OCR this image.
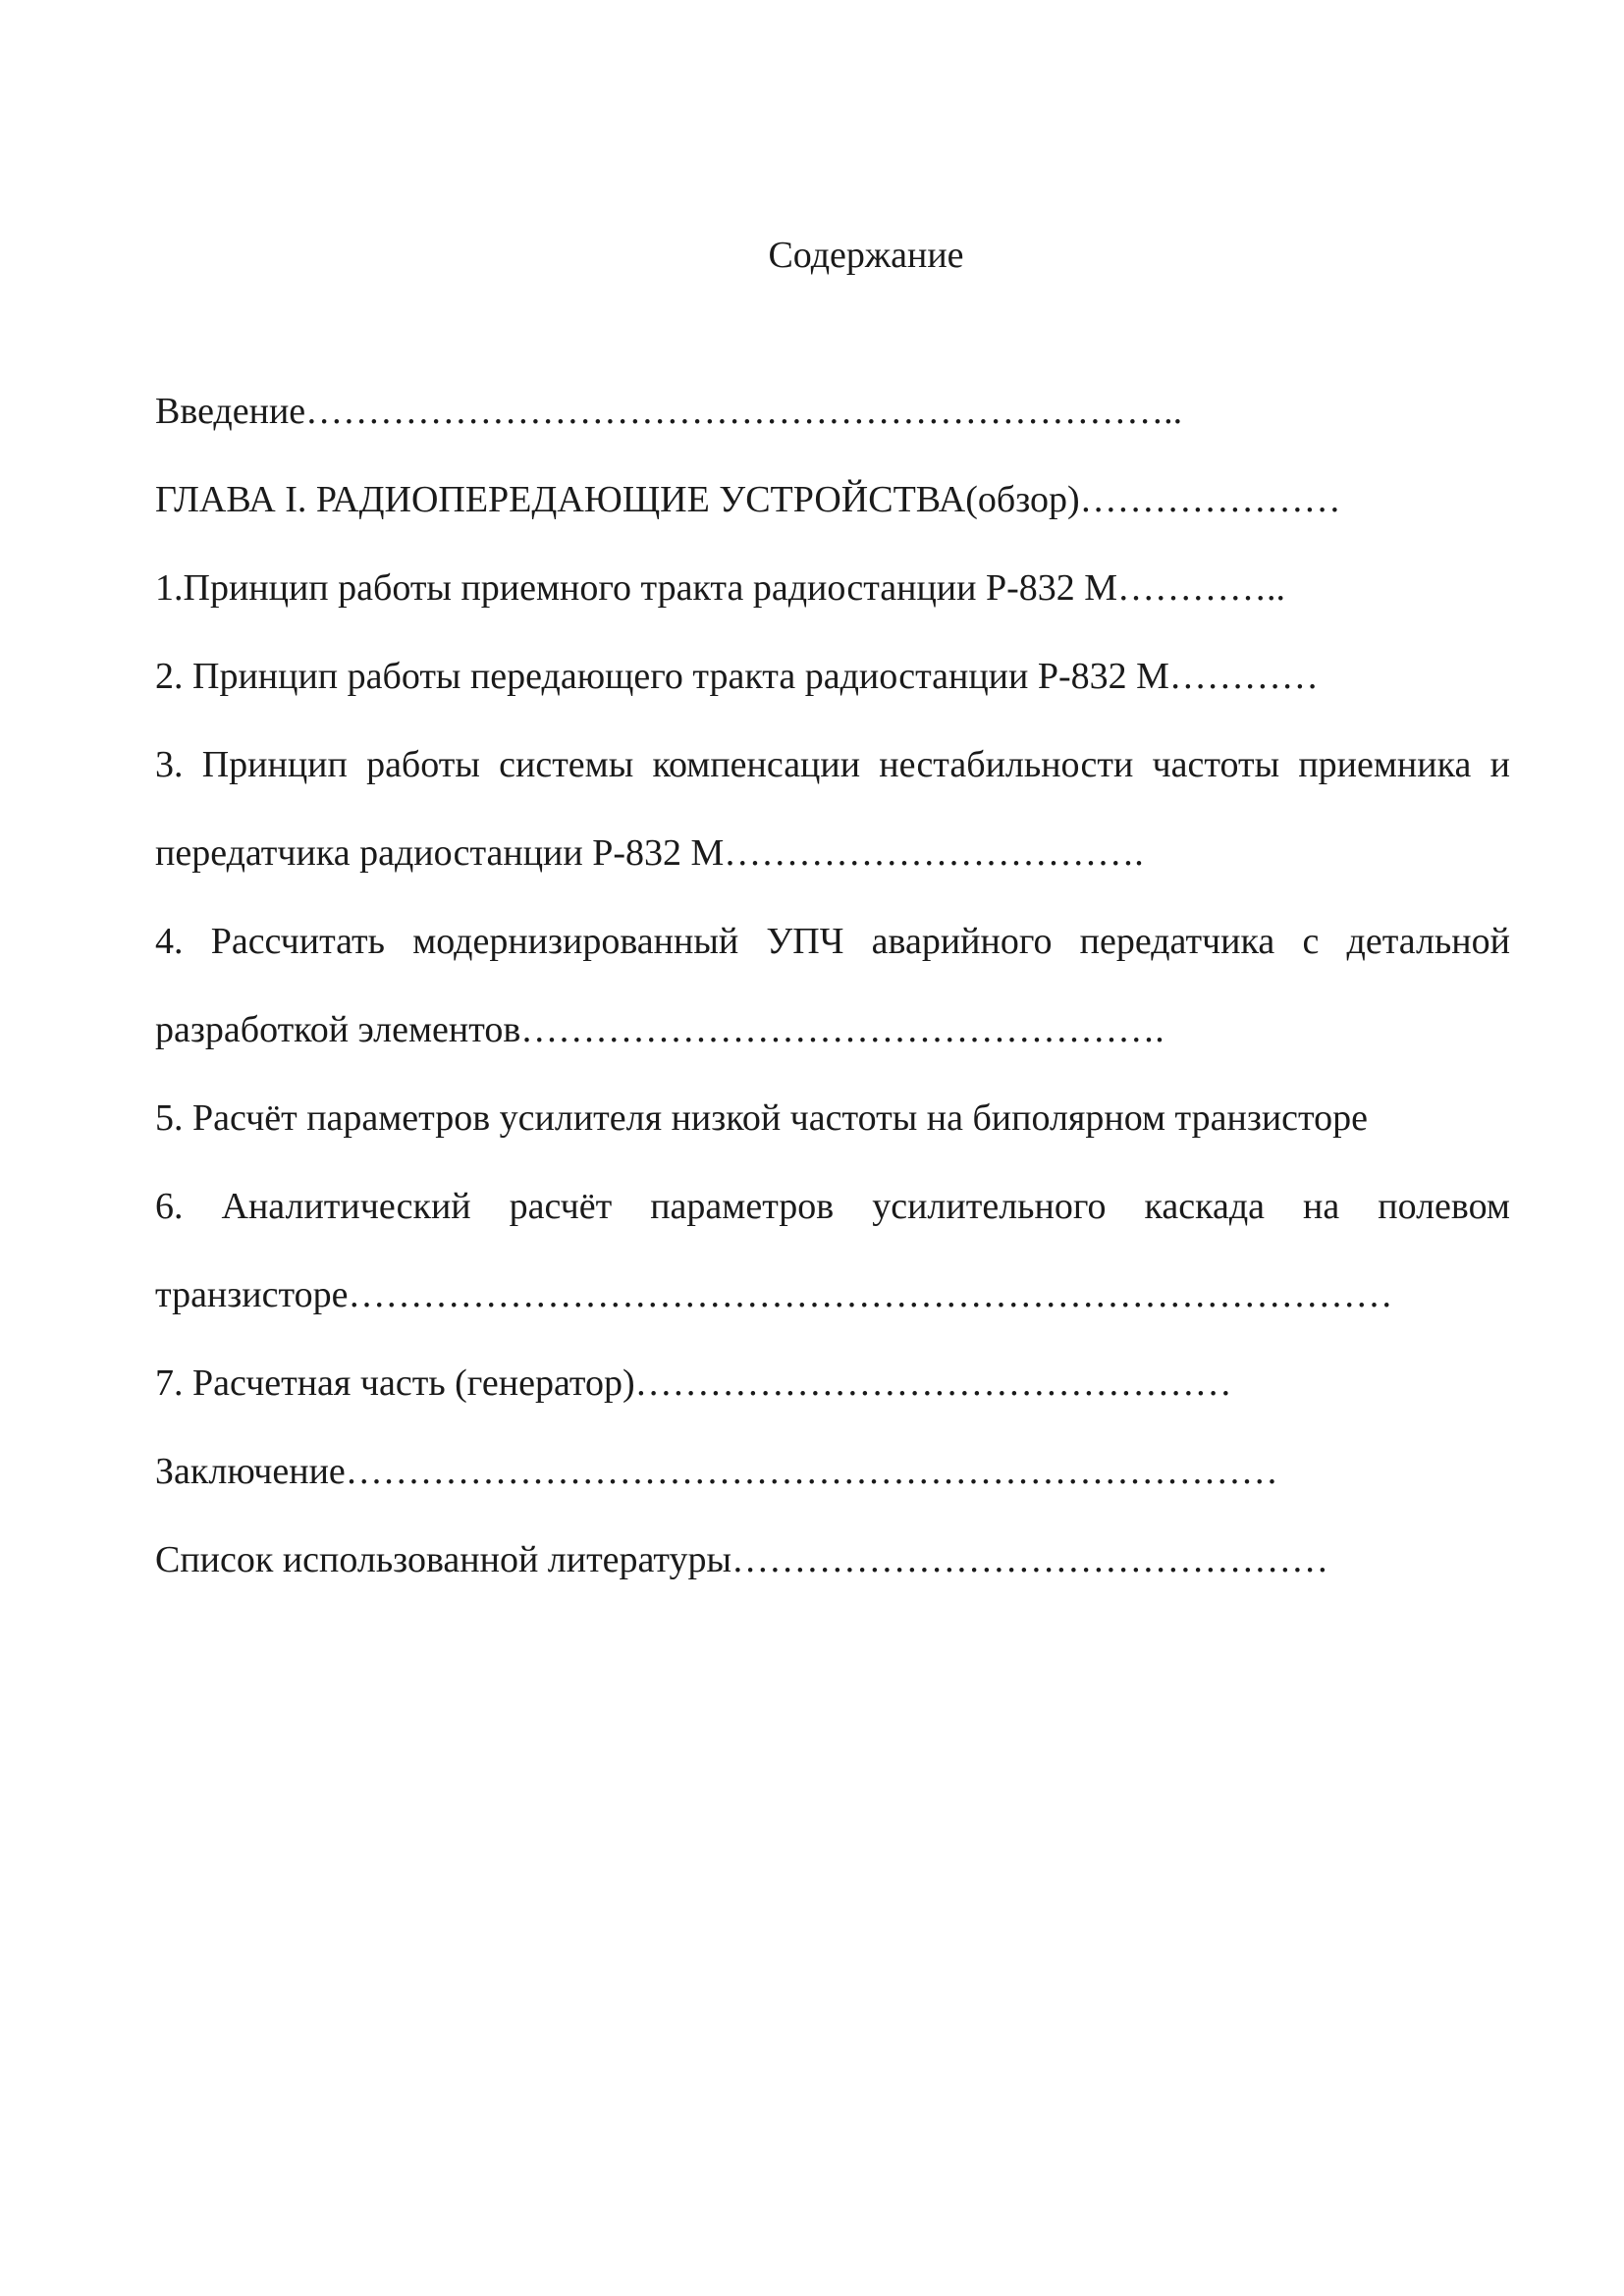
Содержание
Введение……………………………………………………………..
ГЛАВА I. РАДИОПЕРЕДАЮЩИЕ УСТРОЙСТВА(обзор)…………………
1.Принцип работы приемного тракта радиостанции Р-832 М…………..
2. Принцип работы передающего тракта радиостанции Р-832 М…………
3. Принцип работы системы компенсации нестабильности частоты приемника и
передатчика радиостанции Р-832 М…………………………….
4. Рассчитать модернизированный УПЧ аварийного передатчика с детальной
разработкой элементов…………………………………………….
5. Расчёт параметров усилителя низкой частоты на биполярном транзисторе
6. Аналитический расчёт параметров усилительного каскада на полевом
транзисторе…………………………………………………………………………
7. Расчетная часть (генератор)…………………………………………
Заключение…………………………………………………………………
Список использованной литературы…………………………………………
